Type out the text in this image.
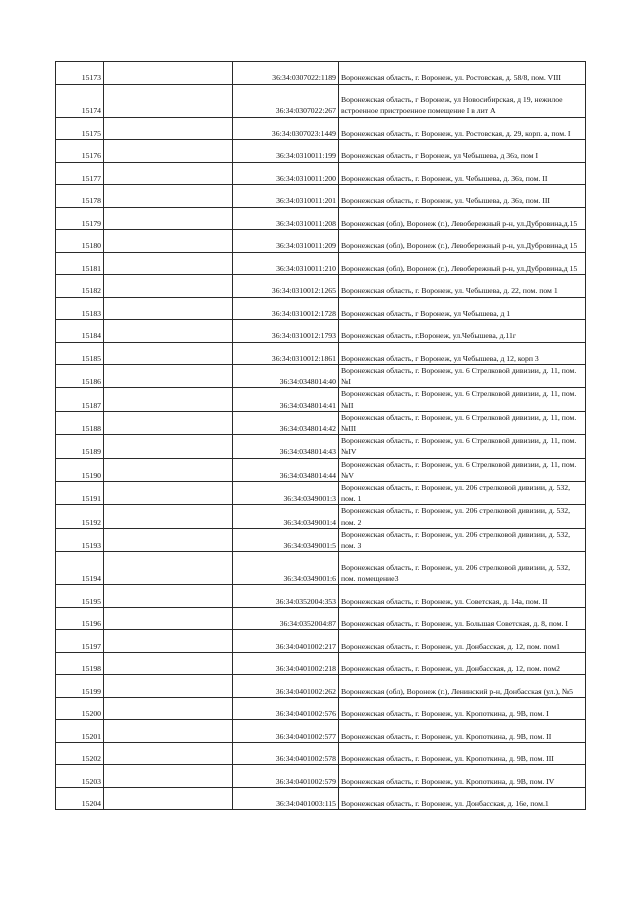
15173		36:34:0307022:1189	Воронежская область, г. Воронеж, ул. Ростовская, д. 58/8, пом. VIII
15174		36:34:0307022:267	Воронежская область, г Воронеж, ул Новосибирская, д 19, нежилое встроенное пристроенное помещение I в лит А
15175		36:34:0307023:1449	Воронежская область, г. Воронеж, ул. Ростовская, д. 29, корп. а, пом. I
15176		36:34:0310011:199	Воронежская область, г Воронеж, ул Чебышева, д 36з, пом I
15177		36:34:0310011:200	Воронежская область, г. Воронеж, ул. Чебышева, д. 36з, пом. II
15178		36:34:0310011:201	Воронежская область, г. Воронеж, ул. Чебышева, д. 36з, пом. III
15179		36:34:0310011:208	Воронежская (обл), Воронеж (г.), Левобережный р-н, ул.Дубровина,д.15
15180		36:34:0310011:209	Воронежская (обл), Воронеж (г.), Левобережный р-н, ул.Дубровина,д 15
15181		36:34:0310011:210	Воронежская (обл), Воронеж (г.), Левобережный р-н, ул.Дубровина,д 15
15182		36:34:0310012:1265	Воронежская область, г. Воронеж, ул. Чебышева, д. 22, пом. пом 1
15183		36:34:0310012:1728	Воронежская область, г Воронеж, ул Чебышева, д 1
15184		36:34:0310012:1793	Воронежская область, г.Воронеж, ул.Чебышева, д.11г
15185		36:34:0310012:1861	Воронежская область, г Воронеж, ул Чебышева, д 12, корп 3
15186		36:34:0348014:40	Воронежская область, г. Воронеж, ул. 6 Стрелковой дивизии, д. 11, пом. №I
15187		36:34:0348014:41	Воронежская область, г. Воронеж, ул. 6 Стрелковой дивизии, д. 11, пом. №II
15188		36:34:0348014:42	Воронежская область, г. Воронеж, ул. 6 Стрелковой дивизии, д. 11, пом. №III
15189		36:34:0348014:43	Воронежская область, г. Воронеж, ул. 6 Стрелковой дивизии, д. 11, пом. №IV
15190		36:34:0348014:44	Воронежская область, г. Воронеж, ул. 6 Стрелковой дивизии, д. 11, пом. №V
15191		36:34:0349001:3	Воронежская область, г. Воронеж, ул. 206 стрелковой дивизии, д. 532, пом. 1
15192		36:34:0349001:4	Воронежская область, г. Воронеж, ул. 206 стрелковой дивизии, д. 532, пом. 2
15193		36:34:0349001:5	Воронежская область, г. Воронеж, ул. 206 стрелковой дивизии, д. 532, пом. 3
15194		36:34:0349001:6	Воронежская область, г. Воронеж, ул. 206 стрелковой дивизии, д. 532, пом. помещение3
15195		36:34:0352004:353	Воронежская область, г. Воронеж, ул. Советская, д. 14а, пом. II
15196		36:34:0352004:87	Воронежская область, г. Воронеж, ул. Большая Советская, д. 8, пом. I
15197		36:34:0401002:217	Воронежская область, г. Воронеж, ул. Донбасская, д. 12, пом. пом1
15198		36:34:0401002:218	Воронежская область, г. Воронеж, ул. Донбасская, д. 12, пом. пом2
15199		36:34:0401002:262	Воронежская (обл), Воронеж (г.), Ленинский р-н, Донбасская (ул.), №5
15200		36:34:0401002:576	Воронежская область, г. Воронеж, ул. Кропоткина, д. 9В, пом. I
15201		36:34:0401002:577	Воронежская область, г. Воронеж, ул. Кропоткина, д. 9В, пом. II
15202		36:34:0401002:578	Воронежская область, г. Воронеж, ул. Кропоткина, д. 9В, пом. III
15203		36:34:0401002:579	Воронежская область, г. Воронеж, ул. Кропоткина, д. 9В, пом. IV
15204		36:34:0401003:115	Воронежская область, г. Воронеж, ул. Донбасская, д. 16е, пом.1
